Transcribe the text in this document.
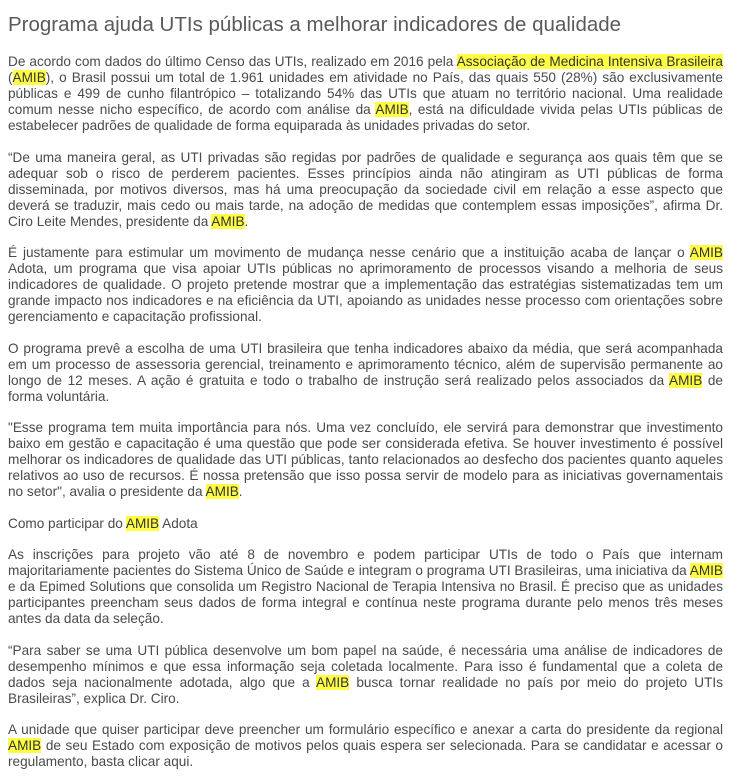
Programa ajuda UTIs públicas a melhorar indicadores de qualidade

De acordo com dados do último Censo das UTIs, realizado em 2016 pela Associação de Medicina Intensiva Brasileira (AMIB), o Brasil possui um total de 1.961 unidades em atividade no País, das quais 550 (28%) são exclusivamente públicas e 499 de cunho filantrópico – totalizando 54% das UTIs que atuam no território nacional. Uma realidade comum nesse nicho específico, de acordo com análise da AMIB, está na dificuldade vivida pelas UTIs públicas de estabelecer padrões de qualidade de forma equiparada às unidades privadas do setor.

“De uma maneira geral, as UTI privadas são regidas por padrões de qualidade e segurança aos quais têm que se adequar sob o risco de perderem pacientes. Esses princípios ainda não atingiram as UTI públicas de forma disseminada, por motivos diversos, mas há uma preocupação da sociedade civil em relação a esse aspecto que deverá se traduzir, mais cedo ou mais tarde, na adoção de medidas que contemplem essas imposições”, afirma Dr. Ciro Leite Mendes, presidente da AMIB.

É justamente para estimular um movimento de mudança nesse cenário que a instituição acaba de lançar o AMIB Adota, um programa que visa apoiar UTIs públicas no aprimoramento de processos visando a melhoria de seus indicadores de qualidade. O projeto pretende mostrar que a implementação das estratégias sistematizadas tem um grande impacto nos indicadores e na eficiência da UTI, apoiando as unidades nesse processo com orientações sobre gerenciamento e capacitação profissional.

O programa prevê a escolha de uma UTI brasileira que tenha indicadores abaixo da média, que será acompanhada em um processo de assessoria gerencial, treinamento e aprimoramento técnico, além de supervisão permanente ao longo de 12 meses. A ação é gratuita e todo o trabalho de instrução será realizado pelos associados da AMIB de forma voluntária.

"Esse programa tem muita importância para nós. Uma vez concluído, ele servirá para demonstrar que investimento baixo em gestão e capacitação é uma questão que pode ser considerada efetiva. Se houver investimento é possível melhorar os indicadores de qualidade das UTI públicas, tanto relacionados ao desfecho dos pacientes quanto aqueles relativos ao uso de recursos. É nossa pretensão que isso possa servir de modelo para as iniciativas governamentais no setor", avalia o presidente da AMIB.

Como participar do AMIB Adota

As inscrições para projeto vão até 8 de novembro e podem participar UTIs de todo o País que internam majoritariamente pacientes do Sistema Único de Saúde e integram o programa UTI Brasileiras, uma iniciativa da AMIB e da Epimed Solutions que consolida um Registro Nacional de Terapia Intensiva no Brasil. É preciso que as unidades participantes preencham seus dados de forma integral e contínua neste programa durante pelo menos três meses antes da data da seleção.

“Para saber se uma UTI pública desenvolve um bom papel na saúde, é necessária uma análise de indicadores de desempenho mínimos e que essa informação seja coletada localmente. Para isso é fundamental que a coleta de dados seja nacionalmente adotada, algo que a AMIB busca tornar realidade no país por meio do projeto UTIs Brasileiras”, explica Dr. Ciro.

A unidade que quiser participar deve preencher um formulário específico e anexar a carta do presidente da regional AMIB de seu Estado com exposição de motivos pelos quais espera ser selecionada. Para se candidatar e acessar o regulamento, basta clicar aqui.
